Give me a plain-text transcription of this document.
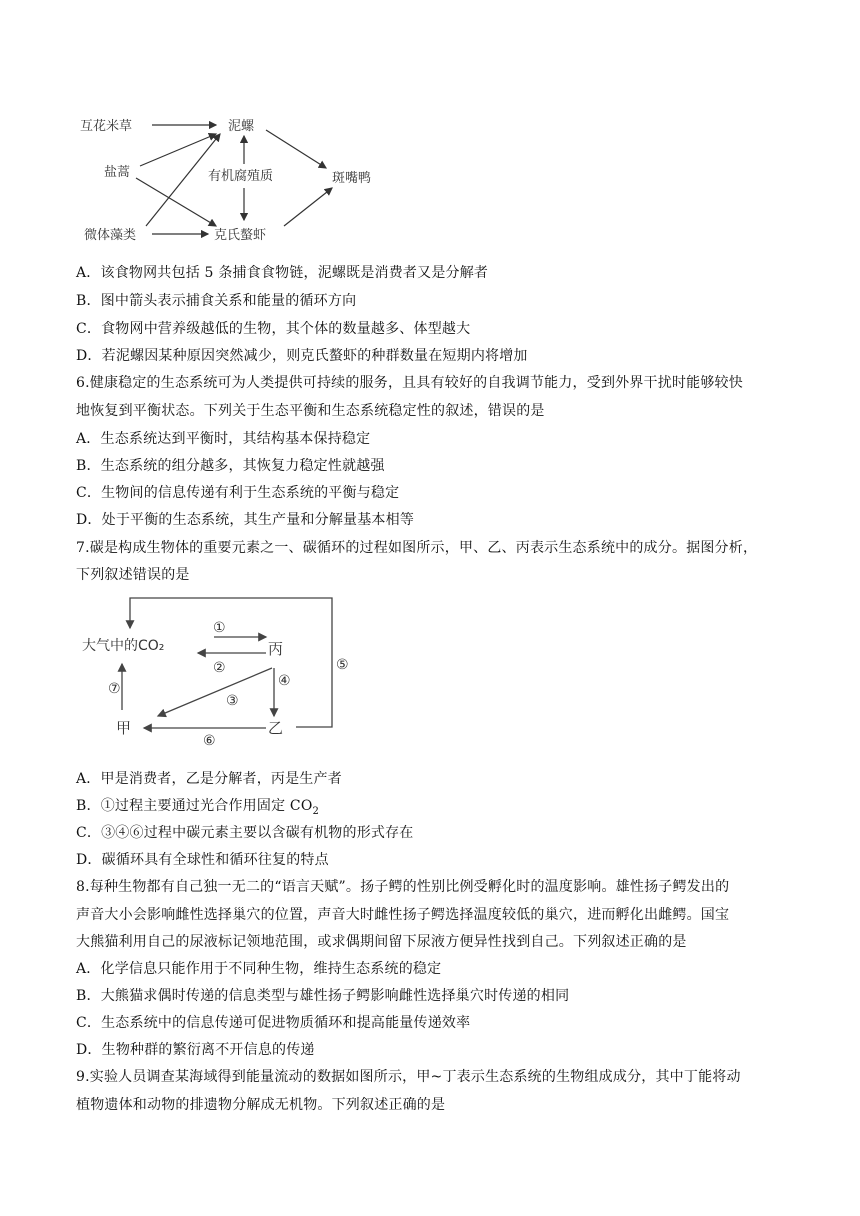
互花米草
盐蒿
微体藻类
泥螺
有机腐殖质
克氏螯虾
斑嘴鸭
A．该食物网共包括 5 条捕食食物链，泥螺既是消费者又是分解者
B．图中箭头表示捕食关系和能量的循环方向
C．食物网中营养级越低的生物，其个体的数量越多、体型越大
D．若泥螺因某种原因突然减少，则克氏螯虾的种群数量在短期内将增加
6.健康稳定的生态系统可为人类提供可持续的服务，且具有较好的自我调节能力，受到外界干扰时能够较快
地恢复到平衡状态。下列关于生态平衡和生态系统稳定性的叙述，错误的是
A．生态系统达到平衡时，其结构基本保持稳定
B．生态系统的组分越多，其恢复力稳定性就越强
C．生物间的信息传递有利于生态系统的平衡与稳定
D．处于平衡的生态系统，其生产量和分解量基本相等
7.碳是构成生物体的重要元素之一、碳循环的过程如图所示，甲、乙、丙表示生态系统中的成分。据图分析，
下列叙述错误的是
大气中的CO₂	丙
甲	乙
①
②
③
④
⑤
⑥
⑦
A．甲是消费者，乙是分解者，丙是生产者
B．①过程主要通过光合作用固定 $CO_2$
C．③④⑥过程中碳元素主要以含碳有机物的形式存在
D．碳循环具有全球性和循环往复的特点
8.每种生物都有自己独一无二的“语言天赋”。扬子鳄的性别比例受孵化时的温度影响。雄性扬子鳄发出的
声音大小会影响雌性选择巢穴的位置，声音大时雌性扬子鳄选择温度较低的巢穴，进而孵化出雌鳄。国宝
大熊猫利用自己的尿液标记领地范围，或求偶期间留下尿液方便异性找到自己。下列叙述正确的是
A．化学信息只能作用于不同种生物，维持生态系统的稳定
B．大熊猫求偶时传递的信息类型与雄性扬子鳄影响雌性选择巢穴时传递的相同
C．生态系统中的信息传递可促进物质循环和提高能量传递效率
D．生物种群的繁衍离不开信息的传递
9.实验人员调查某海域得到能量流动的数据如图所示，甲~丁表示生态系统的生物组成成分，其中丁能将动
植物遗体和动物的排遗物分解成无机物。下列叙述正确的是
